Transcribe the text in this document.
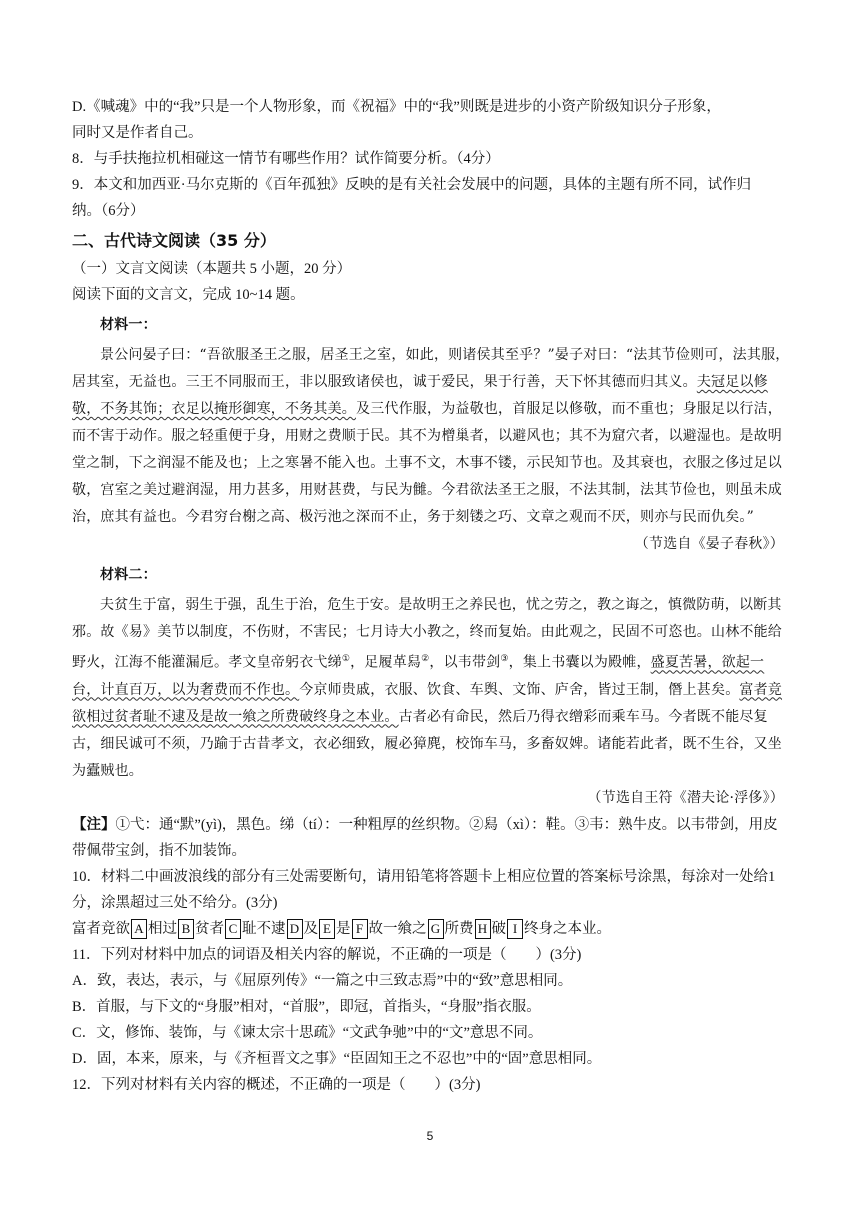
D.《喊魂》中的“我”只是一个人物形象，而《祝福》中的“我”则既是进步的小资产阶级知识分子形象，

同时又是作者自己。

8．与手扶拖拉机相碰这一情节有哪些作用？试作简要分析。（4分）

9．本文和加西亚·马尔克斯的《百年孤独》反映的是有关社会发展中的问题，具体的主题有所不同，试作归

纳。（6分）

二、古代诗文阅读（35 分）

（一）文言文阅读（本题共 5 小题，20 分）

阅读下面的文言文，完成 10~14 题。

材料一：

景公问晏子曰：“吾欲服圣王之服，居圣王之室，如此，则诸侯其至乎？”晏子对曰：“法其节俭则可，法其服，居其室，无益也。三王不同服而王，非以服致诸侯也，诚于爱民，果于行善，天下怀其德而归其义。夫冠足以修敬，不务其饰；衣足以掩形御寒，不务其美。及三代作服，为益敬也，首服足以修敬，而不重也；身服足以行洁，而不害于动作。服之轻重便于身，用财之费顺于民。其不为橧巢者，以避风也；其不为窟穴者，以避湿也。是故明堂之制，下之润湿不能及也；上之寒暑不能入也。土事不文，木事不镂，示民知节也。及其衰也，衣服之侈过足以敬，宫室之美过避润湿，用力甚多，用财甚费，与民为雠。今君欲法圣王之服，不法其制，法其节俭也，则虽未成治，庶其有益也。今君穷台榭之高、极污池之深而不止，务于刻镂之巧、文章之观而不厌，则亦与民而仇矣。”

（节选自《晏子春秋》）

材料二：

夫贫生于富，弱生于强，乱生于治，危生于安。是故明王之养民也，忧之劳之，教之诲之，慎微防萌，以断其邪。故《易》美节以制度，不伤财，不害民；七月诗大小教之，终而复始。由此观之，民固不可恣也。山林不能给野火，江海不能灌漏卮。孝文皇帝躬衣弋绨①，足履革舄②，以韦带剑③，集上书囊以为殿帷，盛夏苦暑，欲起一台，计直百万，以为奢费而不作也。今京师贵戚，衣服、饮食、车舆、文饰、庐舍，皆过王制，僭上甚矣。富者竞欲相过贫者耻不逮及是故一飨之所费破终身之本业。古者必有命民，然后乃得衣缯彩而乘车马。今者既不能尽复古，细民诚可不须，乃踰于古昔孝文，衣必细致，履必獐麂，校饰车马，多畜奴婢。诸能若此者，既不生谷，又坐为蠹贼也。

（节选自王符《潜夫论·浮侈》）

【注】①弋：通“默”(yì)，黑色。绨（tí）：一种粗厚的丝织物。②舄（xì）：鞋。③韦：熟牛皮。以韦带剑，用皮带佩带宝剑，指不加装饰。

10．材料二中画波浪线的部分有三处需要断句，请用铅笔将答题卡上相应位置的答案标号涂黑，每涂对一处给1分，涂黑超过三处不给分。(3分)

富者竞欲 A 相过 B 贫者 C 耻不逮 D 及 E 是 F 故一飨之 G 所费 H 破 I 终身之本业。

11．下列对材料中加点的词语及相关内容的解说，不正确的一项是（　　）(3分)

A．致，表达，表示，与《屈原列传》“一篇之中三致志焉”中的“致”意思相同。

B．首服，与下文的“身服”相对，“首服”，即冠，首指头，“身服”指衣服。

C．文，修饰、装饰，与《谏太宗十思疏》“文武争驰”中的“文”意思不同。

D．固，本来，原来，与《齐桓晋文之事》“臣固知王之不忍也”中的“固”意思相同。

12．下列对材料有关内容的概述，不正确的一项是（　　）(3分)

5
